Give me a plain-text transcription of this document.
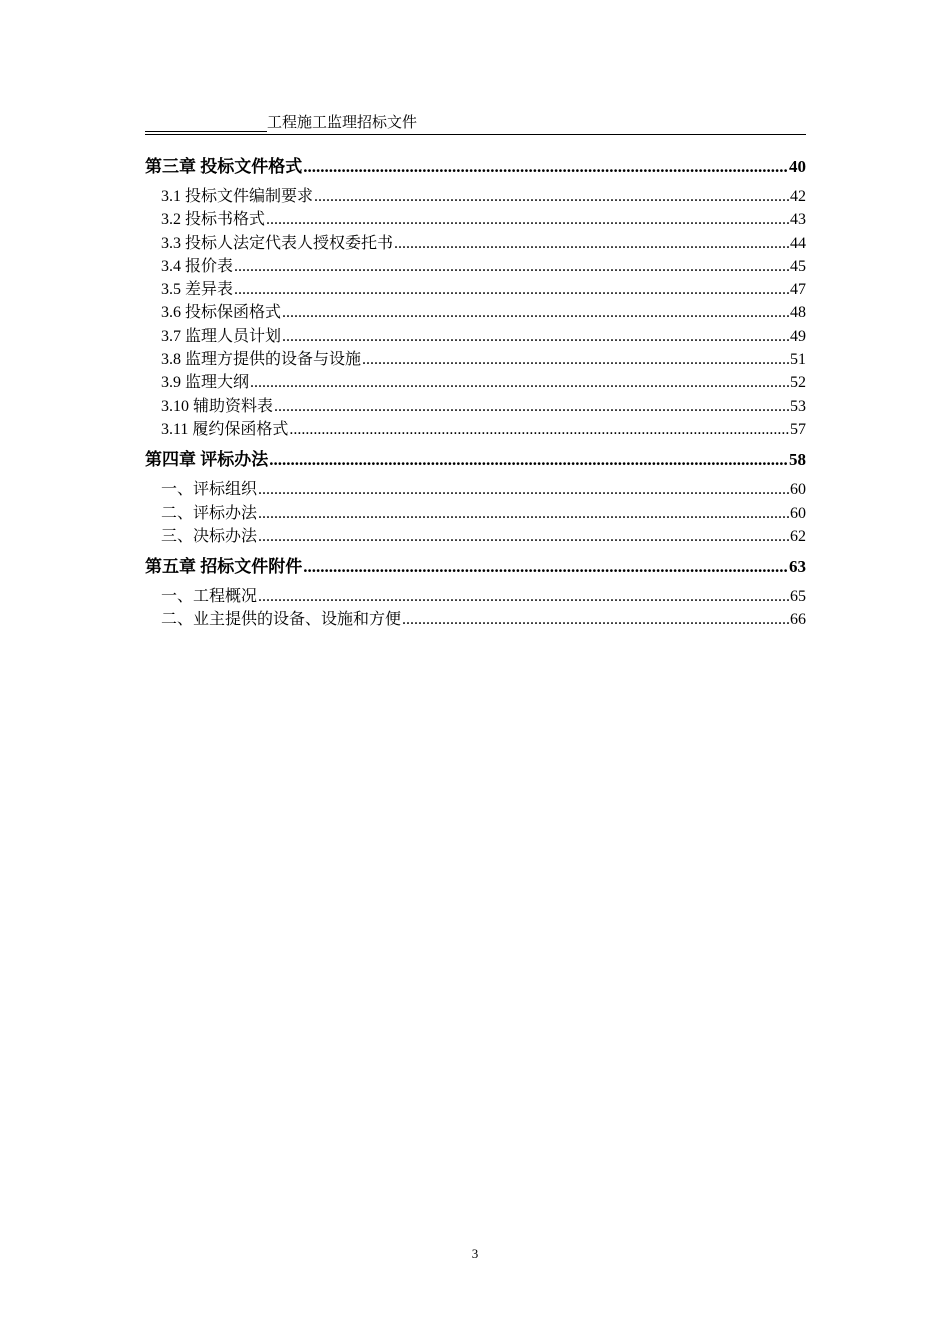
工程施工监理招标文件
第三章 投标文件格式 .....	40
3.1 投标文件编制要求 .....	42
3.2 投标书格式 .....	43
3.3 投标人法定代表人授权委托书 .....	44
3.4 报价表 .....	45
3.5 差异表 .....	47
3.6 投标保函格式 .....	48
3.7 监理人员计划 .....	49
3.8 监理方提供的设备与设施 .....	51
3.9 监理大纲 .....	52
3.10 辅助资料表 .....	53
3.11 履约保函格式 .....	57
第四章 评标办法 .....	58
一、评标组织 .....	60
二、评标办法 .....	60
三、决标办法 .....	62
第五章 招标文件附件 .....	63
一、工程概况 .....	65
二、业主提供的设备、设施和方便 .....	66
3
